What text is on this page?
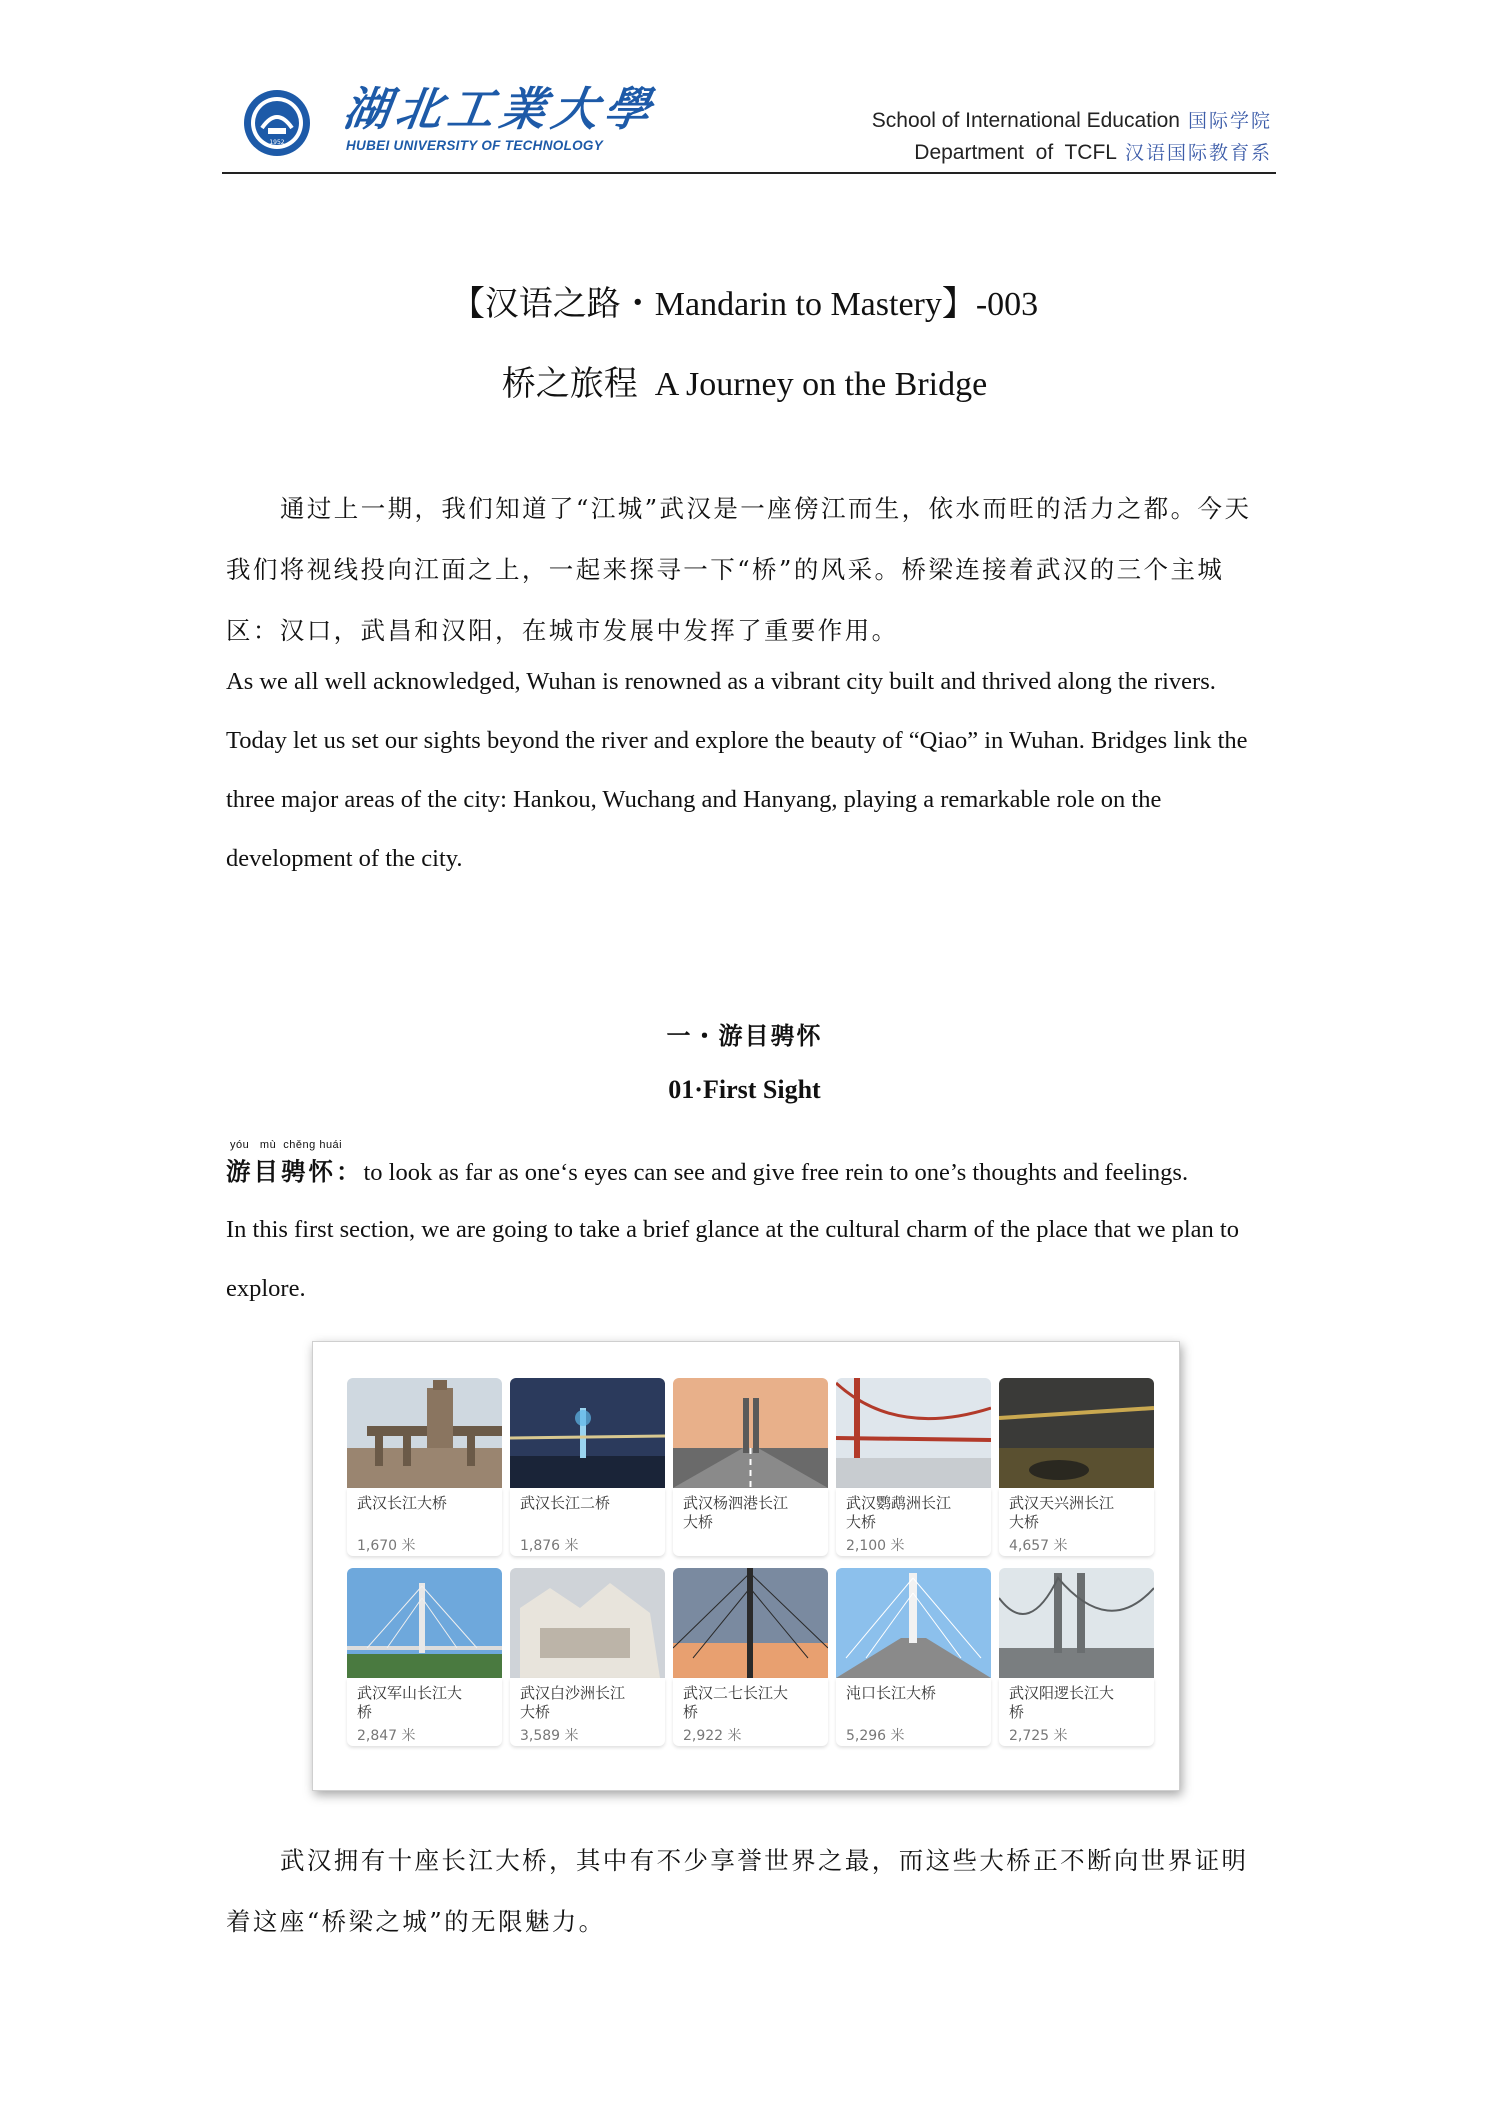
1952
湖北工業大學
HUBEI UNIVERSITY OF TECHNOLOGY
School of International Education 国际学院
Department  of  TCFL 汉语国际教育系
【汉语之路・Mandarin to Mastery】-003
桥之旅程  A Journey on the Bridge
通过上一期，我们知道了“江城”武汉是一座傍江而生，依水而旺的活力之都。今天我们将视线投向江面之上，一起来探寻一下“桥”的风采。桥梁连接着武汉的三个主城区：汉口，武昌和汉阳，在城市发展中发挥了重要作用。
As we all well acknowledged, Wuhan is renowned as a vibrant city built and thrived along the rivers. Today let us set our sights beyond the river and explore the beauty of “Qiao” in Wuhan. Bridges link the three major areas of the city: Hankou, Wuchang and Hanyang, playing a remarkable role on the development of the city.
一・游目骋怀
01·First Sight
yóu   mù  chěng huái
游目骋怀：to look as far as one‘s eyes can see and give free rein to one’s thoughts and feelings.
In this first section, we are going to take a brief glance at the cultural charm of the place that we plan to explore.
武汉长江大桥
1,670 米
武汉长江二桥
1,876 米
武汉杨泗港长江大桥
武汉鹦鹉洲长江大桥
2,100 米
武汉天兴洲长江大桥
4,657 米
武汉军山长江大桥
2,847 米
武汉白沙洲长江大桥
3,589 米
武汉二七长江大桥
2,922 米
沌口长江大桥
5,296 米
武汉阳逻长江大桥
2,725 米
武汉拥有十座长江大桥，其中有不少享誉世界之最，而这些大桥正不断向世界证明着这座“桥梁之城”的无限魅力。
